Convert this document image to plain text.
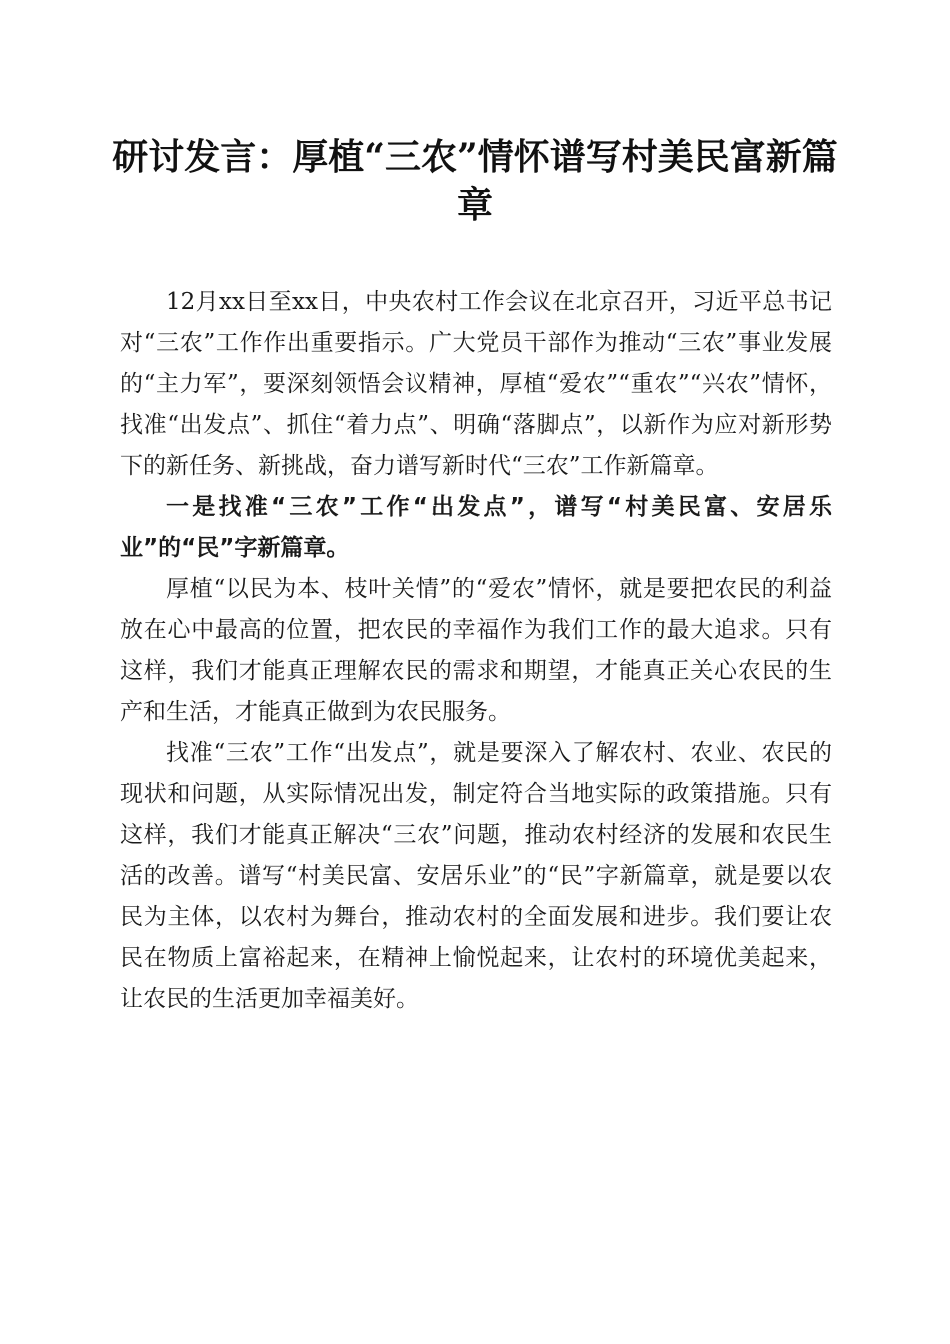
研讨发言：厚植“三农”情怀谱写村美民富新篇章

12月xx日至xx日，中央农村工作会议在北京召开，习近平总书记对“三农”工作作出重要指示。广大党员干部作为推动“三农”事业发展的“主力军”，要深刻领悟会议精神，厚植“爱农”“重农”“兴农”情怀，找准“出发点”、抓住“着力点”、明确“落脚点”，以新作为应对新形势下的新任务、新挑战，奋力谱写新时代“三农”工作新篇章。

一是找准“三农”工作“出发点”，谱写“村美民富、安居乐业”的“民”字新篇章。

厚植“以民为本、枝叶关情”的“爱农”情怀，就是要把农民的利益放在心中最高的位置，把农民的幸福作为我们工作的最大追求。只有这样，我们才能真正理解农民的需求和期望，才能真正关心农民的生产和生活，才能真正做到为农民服务。

找准“三农”工作“出发点”，就是要深入了解农村、农业、农民的现状和问题，从实际情况出发，制定符合当地实际的政策措施。只有这样，我们才能真正解决“三农”问题，推动农村经济的发展和农民生活的改善。谱写“村美民富、安居乐业”的“民”字新篇章，就是要以农民为主体，以农村为舞台，推动农村的全面发展和进步。我们要让农民在物质上富裕起来，在精神上愉悦起来，让农村的环境优美起来，让农民的生活更加幸福美好。
